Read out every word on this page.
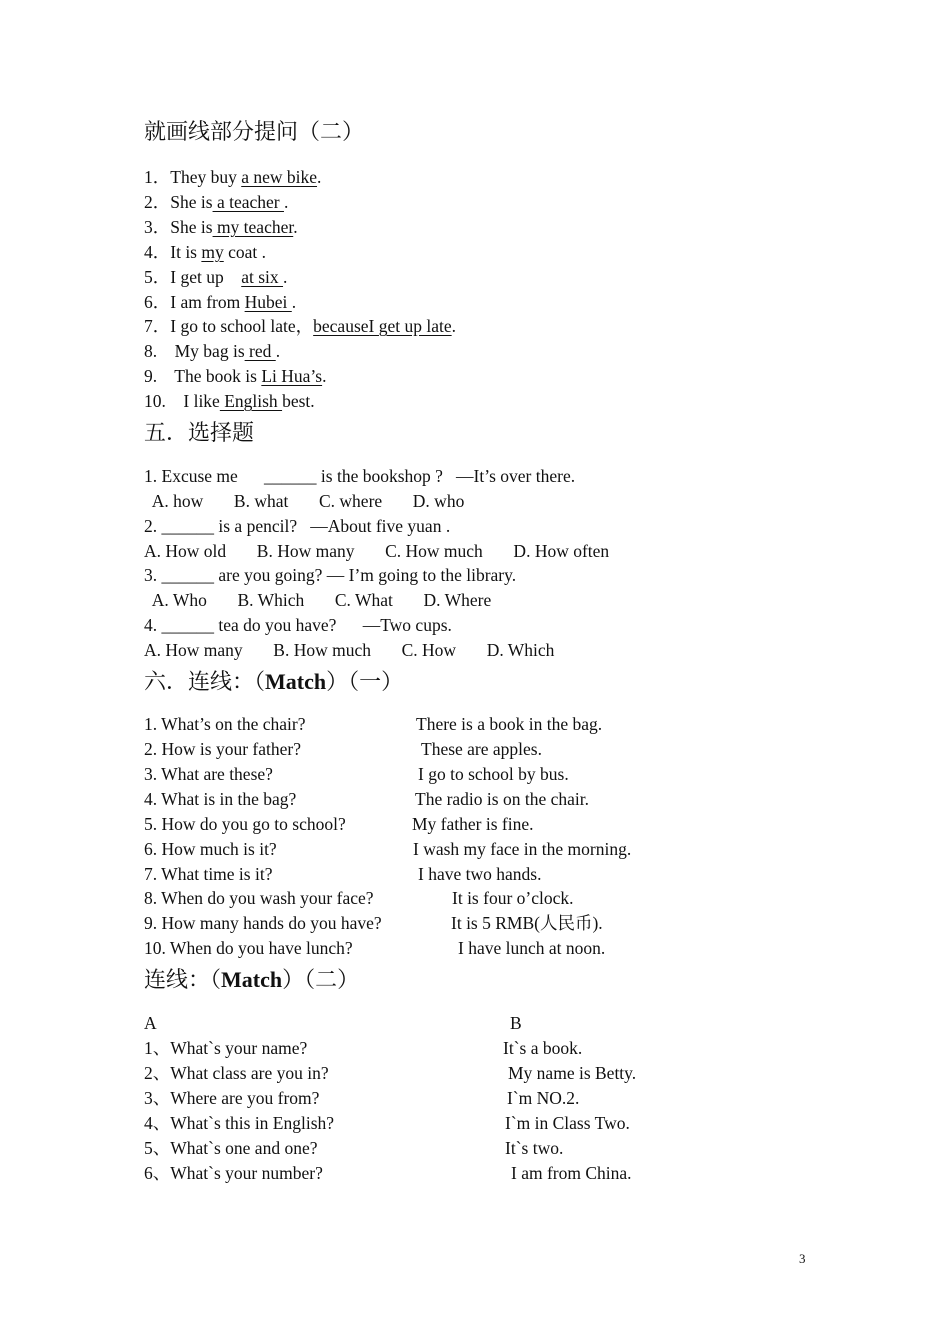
就画线部分提问（二）
1．They buy a new bike.
2．She is a teacher .
3．She is my teacher.
4．It is my coat .
5．I get up    at six .
6．I am from Hubei .
7．I go to school late，becauseI get up late.
8.    My bag is red .
9.    The book is Li Hua’s.
10.    I like English best.
五．选择题
1. Excuse me      ______ is the bookshop ?   —It’s over there.
A. how       B. what       C. where       D. who
2. ______ is a pencil?   —About five yuan .
A. How old       B. How many       C. How much       D. How often
3. ______ are you going? — I’m going to the library.
A. Who       B. Which       C. What       D. Where
4. ______ tea do you have?      —Two cups.
A. How many       B. How much       C. How       D. Which
六．连线：（Match）（一）
1. What’s on the chair?	There is a book in the bag.
2. How is your father?	These are apples.
3. What are these?	I go to school by bus.
4. What is in the bag?	The radio is on the chair.
5. How do you go to school?	My father is fine.
6. How much is it?	I wash my face in the morning.
7. What time is it?	I have two hands.
8. When do you wash your face?	It is four o’clock.
9. How many hands do you have?	It is 5 RMB(人民币).
10. When do you have lunch?	I have lunch at noon.
连线：（Match）（二）
A	B
1、What`s your name?	It`s a book.
2、What class are you in?	My name is Betty.
3、Where are you from?	I`m NO.2.
4、What`s this in English?	I`m in Class Two.
5、What`s one and one?	It`s two.
6、What`s your number?	I am from China.
3
